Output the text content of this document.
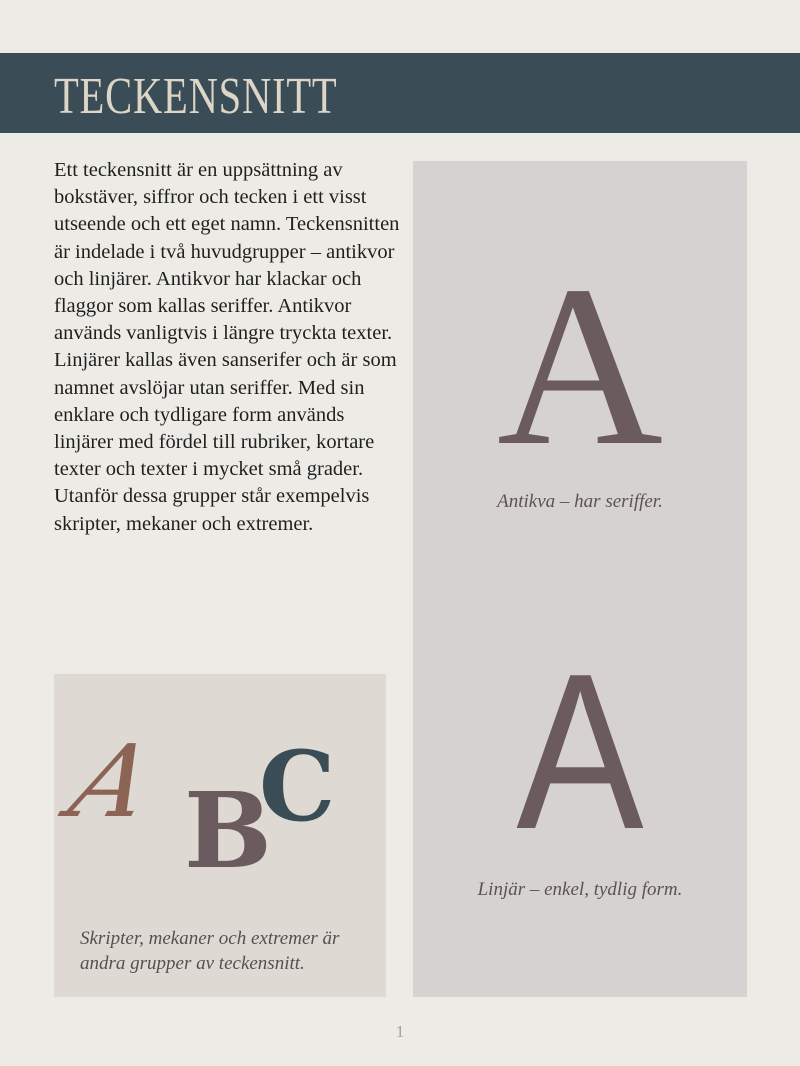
TECKENSNITT

Ett teckensnitt är en uppsättning av bokstäver, siffror och tecken i ett visst utseende och ett eget namn. Teckensnitten är indelade i två huvudgrupper – antikvor och linjärer. Antikvor har klackar och flaggor som kallas seriffer. Antikvor används vanligtvis i längre tryckta texter. Linjärer kallas även sanserifer och är som namnet avslöjar utan seriffer. Med sin enklare och tydligare form används linjärer med fördel till rubriker, kortare texter och texter i mycket små grader. Utanför dessa grupper står exempelvis skripter, mekaner och extremer.

A

Antikva – har seriffer.

A

Linjär – enkel, tydlig form.

A B
C

Skripter, mekaner och extremer är andra grupper av teckensnitt.

1
